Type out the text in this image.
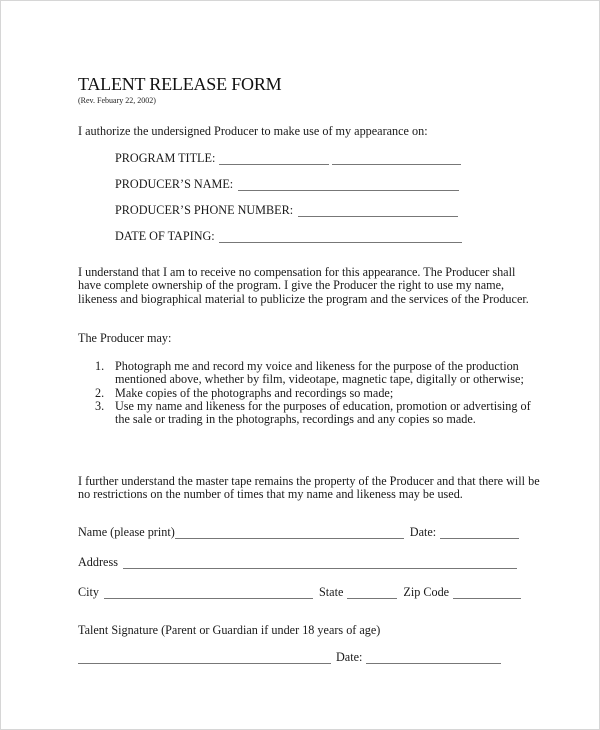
TALENT RELEASE FORM
(Rev. Febuary 22, 2002)
I authorize the undersigned Producer to make use of my appearance on:
PROGRAM TITLE:
PRODUCER’S NAME:
PRODUCER’S PHONE NUMBER:
DATE OF TAPING:

I understand that I am to receive no compensation for this appearance. The Producer shall have complete ownership of the program. I give the Producer the right to use my name, likeness and biographical material to publicize the program and the services of the Producer.

The Producer may:

1. Photograph me and record my voice and likeness for the purpose of the production mentioned above, whether by film, videotape, magnetic tape, digitally or otherwise;
2. Make copies of the photographs and recordings so made;
3. Use my name and likeness for the purposes of education, promotion or advertising of the sale or trading in the photographs, recordings and any copies so made.

I further understand the master tape remains the property of the Producer and that there will be no restrictions on the number of times that my name and likeness may be used.

Name (please print)	Date:
Address
City	State	Zip Code
Talent Signature (Parent or Guardian if under 18 years of age)
Date:
